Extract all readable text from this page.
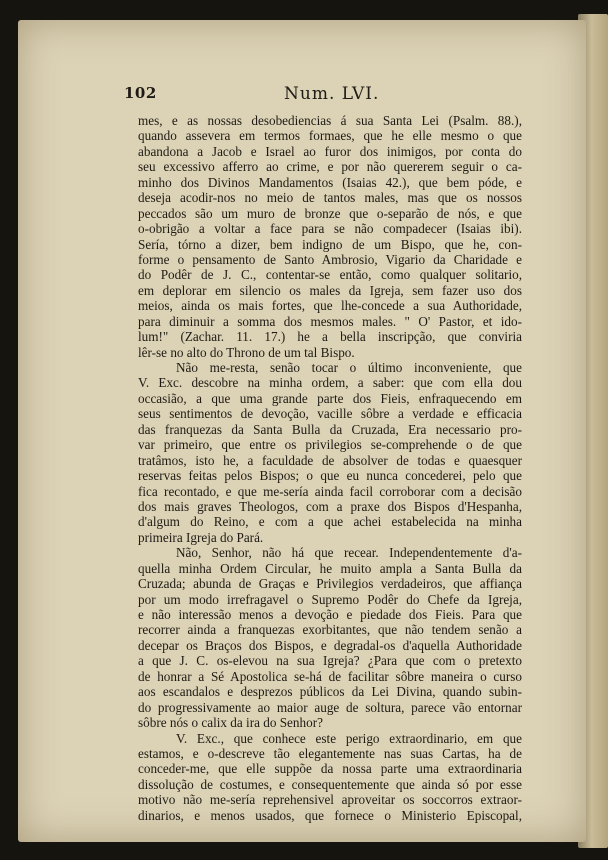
102	Num. LVI.
mes, e as nossas desobediencias á sua Santa Lei (Psalm. 88.),
quando assevera em termos formaes, que he elle mesmo o que
abandona a Jacob e Israel ao furor dos inimigos, por conta do
seu excessivo afferro ao crime, e por não quererem seguir o ca-
minho dos Divinos Mandamentos (Isaias 42.), que bem póde, e
deseja acodir-nos no meio de tantos males, mas que os nossos
peccados são um muro de bronze que o-separão de nós, e que
o-obrigão a voltar a face para se não compadecer (Isaias ibi).
Sería, tórno a dizer, bem indigno de um Bispo, que he, con-
forme o pensamento de Santo Ambrosio, Vigario da Charidade e
do Podêr de J. C., contentar-se então, como qualquer solitario,
em deplorar em silencio os males da Igreja, sem fazer uso dos
meios, ainda os mais fortes, que lhe-concede a sua Authoridade,
para diminuir a somma dos mesmos males. " O' Pastor, et ido-
lum!" (Zachar. 11. 17.) he a bella inscripção, que conviria
lêr-se no alto do Throno de um tal Bispo.
Não me-resta, senão tocar o último inconveniente, que
V. Exc. descobre na minha ordem, a saber: que com ella dou
occasião, a que uma grande parte dos Fieis, enfraquecendo em
seus sentimentos de devoção, vacille sôbre a verdade e efficacia
das franquezas da Santa Bulla da Cruzada, Era necessario pro-
var primeiro, que entre os privilegios se-comprehende o de que
tratâmos, isto he, a faculdade de absolver de todas e quaesquer
reservas feitas pelos Bispos; o que eu nunca concederei, pelo que
fica recontado, e que me-sería ainda facil corroborar com a decisão
dos mais graves Theologos, com a praxe dos Bispos d'Hespanha,
d'algum do Reino, e com a que achei estabelecida na minha
primeira Igreja do Pará.
Não, Senhor, não há que recear. Independentemente d'a-
quella minha Ordem Circular, he muito ampla a Santa Bulla da
Cruzada; abunda de Graças e Privilegios verdadeiros, que affiança
por um modo irrefragavel o Supremo Podêr do Chefe da Igreja,
e não interessão menos a devoção e piedade dos Fieis. Para que
recorrer ainda a franquezas exorbitantes, que não tendem senão a
decepar os Braços dos Bispos, e degradal-os d'aquella Authoridade
a que J. C. os-elevou na sua Igreja? ¿Para que com o pretexto
de honrar a Sé Apostolica se-há de facilitar sôbre maneira o curso
aos escandalos e desprezos públicos da Lei Divina, quando subin-
do progressivamente ao maior auge de soltura, parece vão entornar
sôbre nós o calix da ira do Senhor?
V. Exc., que conhece este perigo extraordinario, em que
estamos, e o-descreve tão elegantemente nas suas Cartas, ha de
conceder-me, que elle suppõe da nossa parte uma extraordinaria
dissolução de costumes, e consequentemente que ainda só por esse
motivo não me-sería reprehensivel aproveitar os soccorros extraor-
dinarios, e menos usados, que fornece o Ministerio Episcopal,
